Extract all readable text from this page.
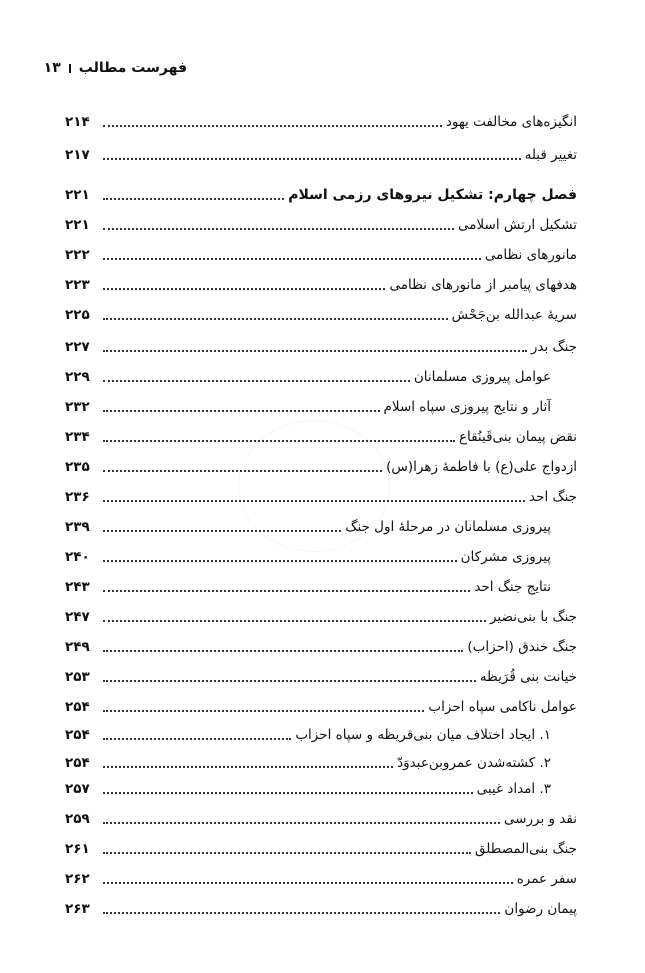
فهرست مطالب
۱۳
انگیزه‌های مخالفت یهود
۲۱۴
تغییر قبله
۲۱۷
فصل چهارم: تشکیل نیروهای رزمی اسلام
۲۲۱
تشکیل ارتش اسلامی
۲۲۱
مانورهای نظامی
۲۲۲
هدفهای پیامبر از مانورهای نظامی
۲۲۳
سریهٔ عبدالله بن‌جَحْش
۲۲۵
جنگ بدر
۲۲۷
عوامل پیروزی مسلمانان
۲۲۹
آثار و نتایج پیروزی سپاه اسلام
۲۳۲
نقض پیمان بنی‌قَینُقاع
۲۳۴
ازدواج علی(ع) با فاطمهٔ زهرا(س)
۲۳۵
جنگ احد
۲۳۶
پیروزی مسلمانان در مرحلهٔ اول جنگ
۲۳۹
پیروزی مشرکان
۲۴۰
نتایج جنگ احد
۲۴۳
جنگ با بنی‌نضیر
۲۴۷
جنگ خندق (احزاب)
۲۴۹
خیانت بنی قُرَیظه
۲۵۳
عوامل ناکامی سپاه احزاب
۲۵۴
۱. ایجاد اختلاف میان بنی‌قریظه و سپاه احزاب
۲۵۴
۲. کشته‌شدن عمروبن‌عبدوَدّ
۲۵۴
۳. امداد غیبی
۲۵۷
نقد و بررسی
۲۵۹
جنگ بنی‌المصطلق
۲۶۱
سفر عمره
۲۶۲
پیمان رضوان
۲۶۳
